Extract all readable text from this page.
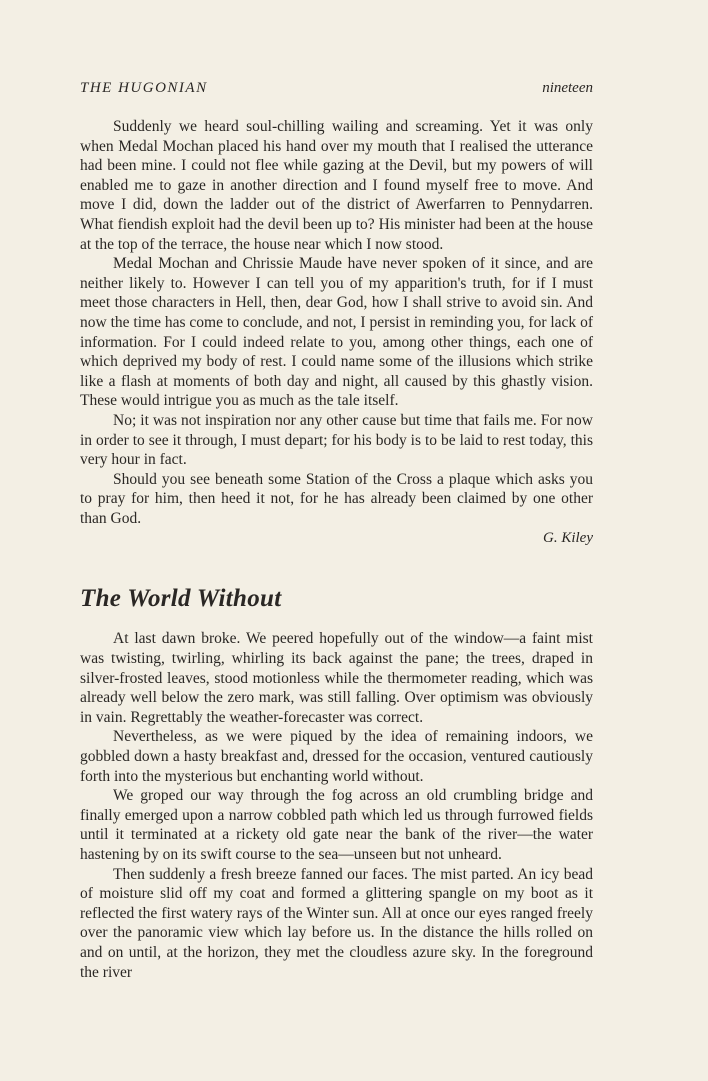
THE HUGONIAN	nineteen

Suddenly we heard soul-chilling wailing and screaming. Yet it was only when Medal Mochan placed his hand over my mouth that I realised the utterance had been mine. I could not flee while gazing at the Devil, but my powers of will enabled me to gaze in another direction and I found myself free to move. And move I did, down the ladder out of the district of Awerfarren to Pennydarren. What fiendish exploit had the devil been up to? His minister had been at the house at the top of the terrace, the house near which I now stood.

Medal Mochan and Chrissie Maude have never spoken of it since, and are neither likely to. However I can tell you of my apparition's truth, for if I must meet those characters in Hell, then, dear God, how I shall strive to avoid sin. And now the time has come to conclude, and not, I persist in reminding you, for lack of information. For I could indeed relate to you, among other things, each one of which deprived my body of rest. I could name some of the illusions which strike like a flash at moments of both day and night, all caused by this ghastly vision. These would intrigue you as much as the tale itself.

No; it was not inspiration nor any other cause but time that fails me. For now in order to see it through, I must depart; for his body is to be laid to rest today, this very hour in fact.

Should you see beneath some Station of the Cross a plaque which asks you to pray for him, then heed it not, for he has already been claimed by one other than God.

G. Kiley
The World Without

At last dawn broke. We peered hopefully out of the window—a faint mist was twisting, twirling, whirling its back against the pane; the trees, draped in silver-frosted leaves, stood motionless while the thermometer reading, which was already well below the zero mark, was still falling. Over optimism was obviously in vain. Regrettably the weather-forecaster was correct.

Nevertheless, as we were piqued by the idea of remaining indoors, we gobbled down a hasty breakfast and, dressed for the occasion, ventured cautiously forth into the mysterious but enchanting world without.

We groped our way through the fog across an old crumbling bridge and finally emerged upon a narrow cobbled path which led us through furrowed fields until it terminated at a rickety old gate near the bank of the river—the water hastening by on its swift course to the sea—unseen but not unheard.

Then suddenly a fresh breeze fanned our faces. The mist parted. An icy bead of moisture slid off my coat and formed a glittering spangle on my boot as it reflected the first watery rays of the Winter sun. All at once our eyes ranged freely over the panoramic view which lay before us. In the distance the hills rolled on and on until, at the horizon, they met the cloudless azure sky. In the foreground the river
